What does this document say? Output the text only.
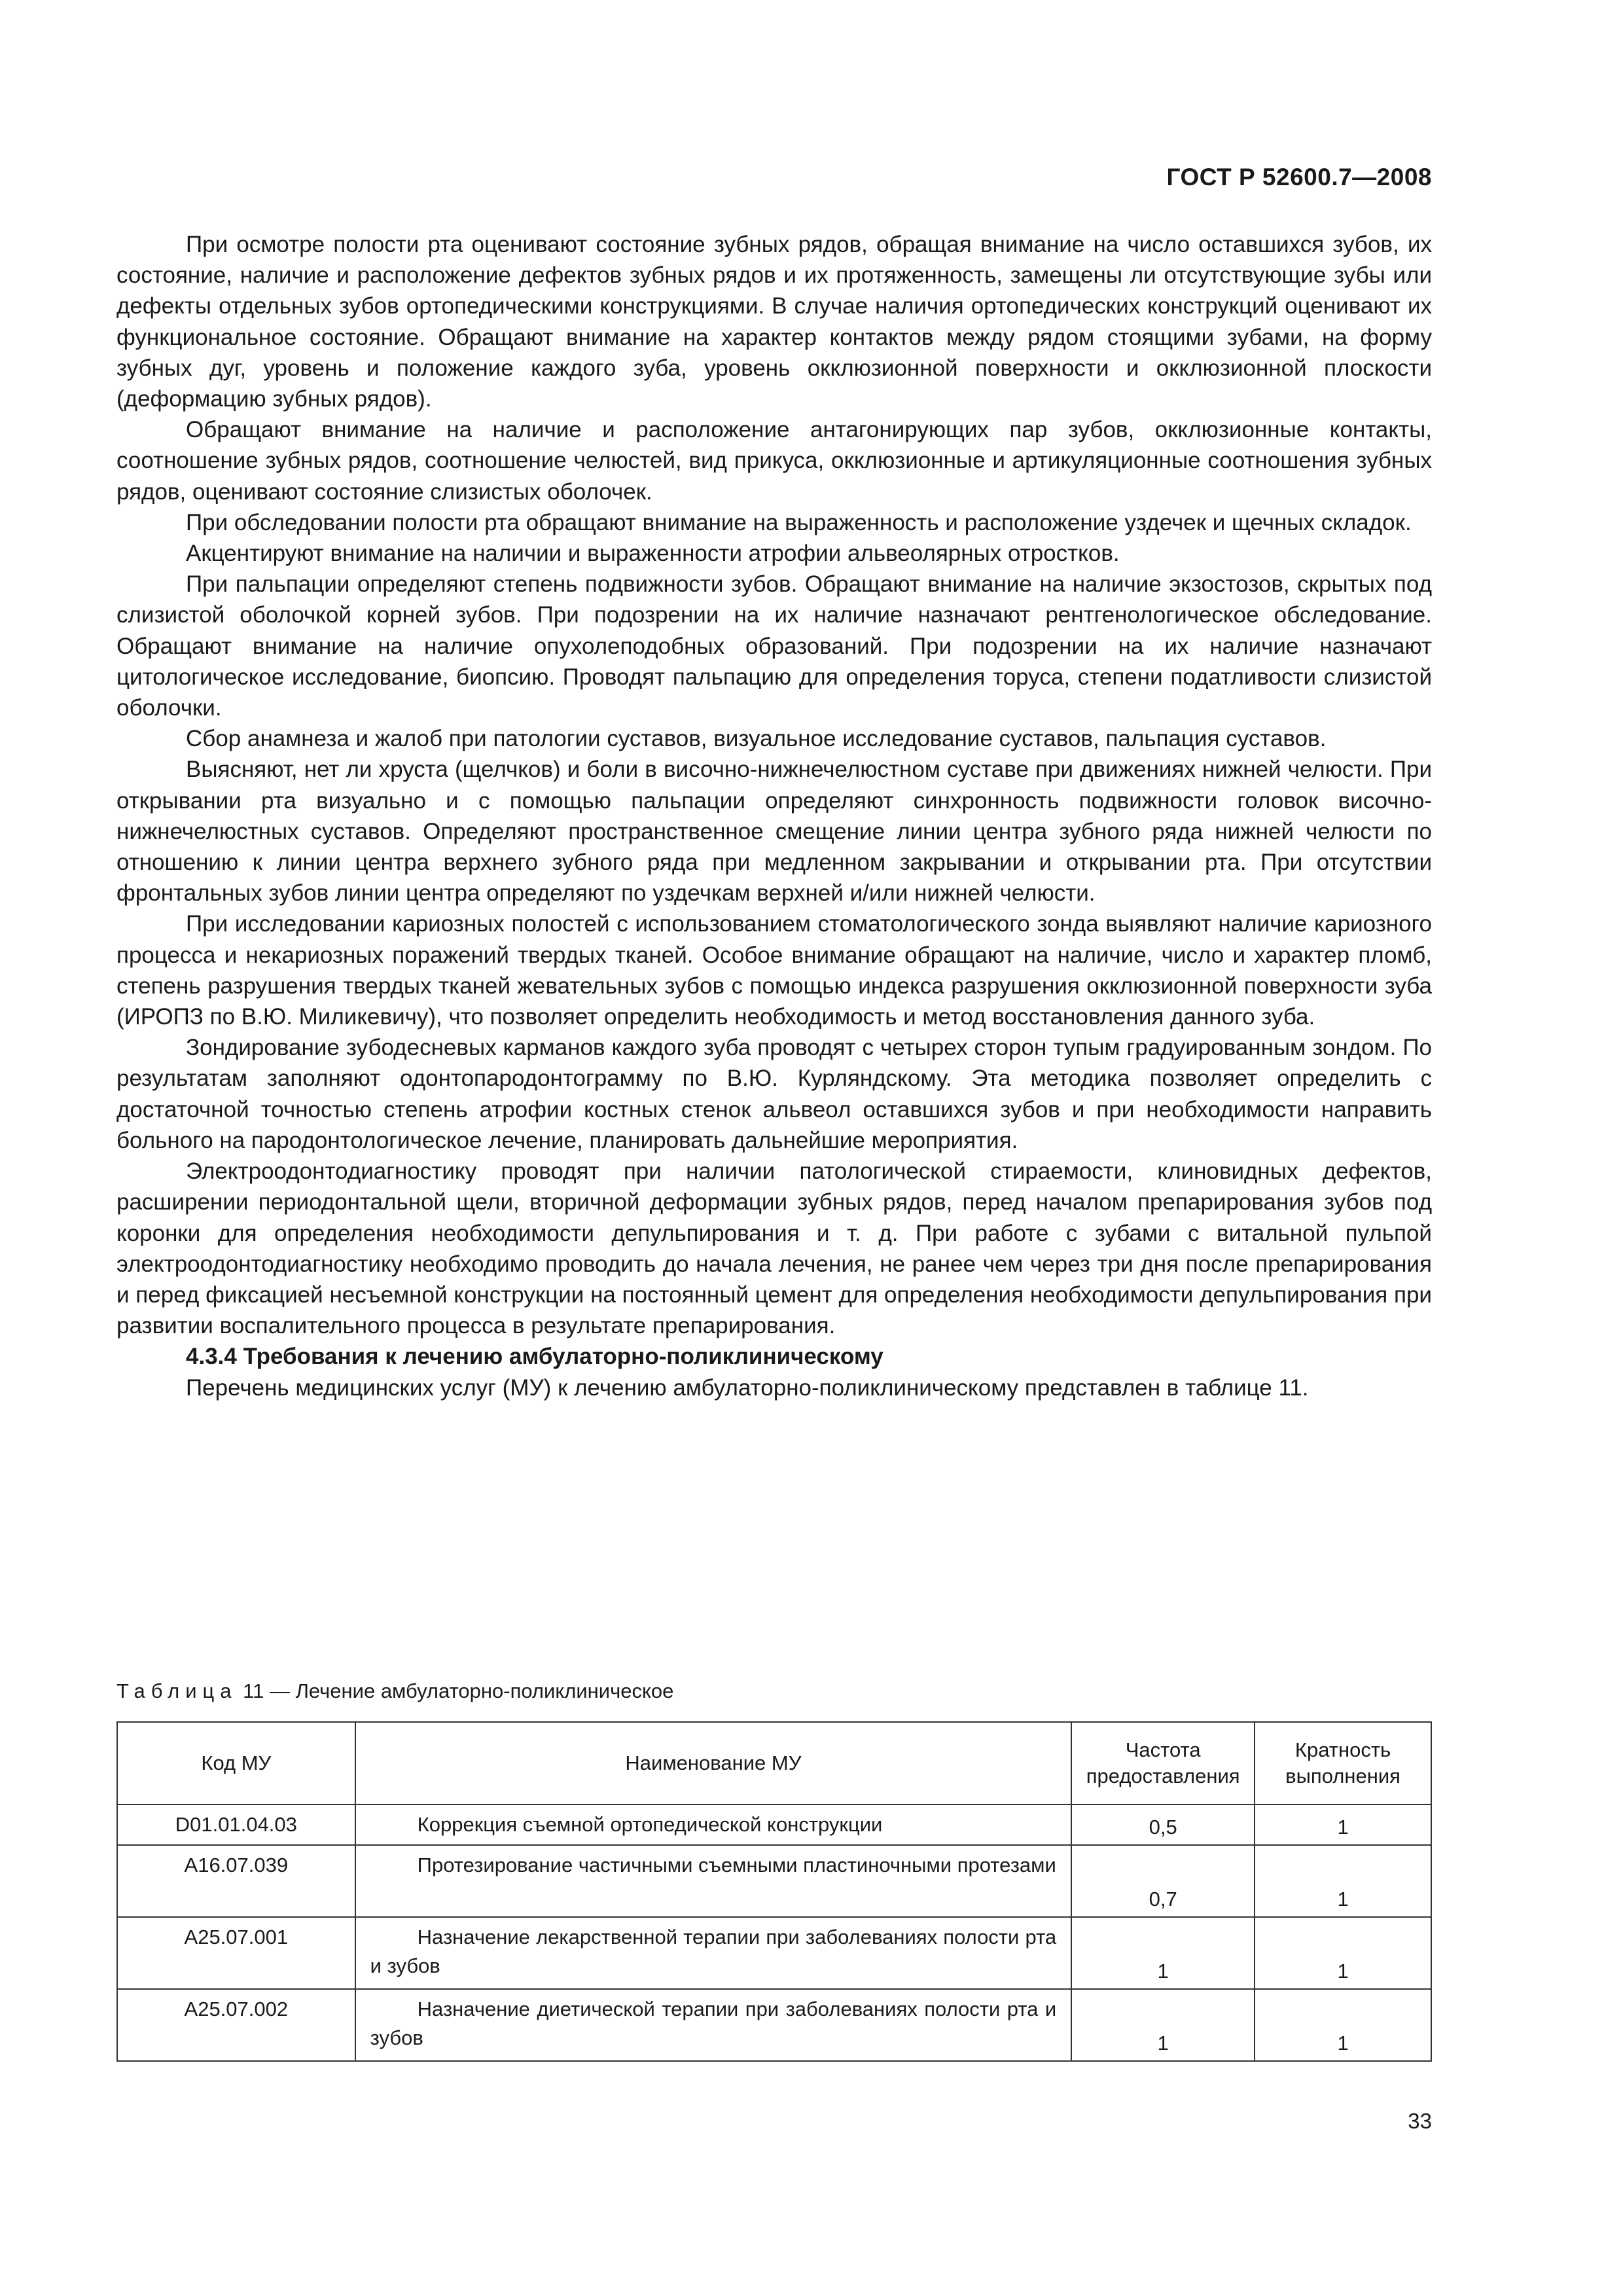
ГОСТ Р 52600.7—2008

При осмотре полости рта оценивают состояние зубных рядов, обращая внимание на число оставшихся зубов, их состояние, наличие и расположение дефектов зубных рядов и их протяженность, замещены ли отсутствующие зубы или дефекты отдельных зубов ортопедическими конструкциями. В случае наличия ортопедических конструкций оценивают их функциональное состояние. Обращают внимание на характер контактов между рядом стоящими зубами, на форму зубных дуг, уровень и положение каждого зуба, уровень окклюзионной поверхности и окклюзионной плоскости (деформацию зубных рядов).

Обращают внимание на наличие и расположение антагонирующих пар зубов, окклюзионные контакты, соотношение зубных рядов, соотношение челюстей, вид прикуса, окклюзионные и артикуляционные соотношения зубных рядов, оценивают состояние слизистых оболочек.

При обследовании полости рта обращают внимание на выраженность и расположение уздечек и щечных складок.

Акцентируют внимание на наличии и выраженности атрофии альвеолярных отростков.

При пальпации определяют степень подвижности зубов. Обращают внимание на наличие экзостозов, скрытых под слизистой оболочкой корней зубов. При подозрении на их наличие назначают рентгенологическое обследование. Обращают внимание на наличие опухолеподобных образований. При подозрении на их наличие назначают цитологическое исследование, биопсию. Проводят пальпацию для определения торуса, степени податливости слизистой оболочки.

Сбор анамнеза и жалоб при патологии суставов, визуальное исследование суставов, пальпация суставов.

Выясняют, нет ли хруста (щелчков) и боли в височно-нижнечелюстном суставе при движениях нижней челюсти. При открывании рта визуально и с помощью пальпации определяют синхронность подвижности головок височно-нижнечелюстных суставов. Определяют пространственное смещение линии центра зубного ряда нижней челюсти по отношению к линии центра верхнего зубного ряда при медленном закрывании и открывании рта. При отсутствии фронтальных зубов линии центра определяют по уздечкам верхней и/или нижней челюсти.

При исследовании кариозных полостей с использованием стоматологического зонда выявляют наличие кариозного процесса и некариозных поражений твердых тканей. Особое внимание обращают на наличие, число и характер пломб, степень разрушения твердых тканей жевательных зубов с помощью индекса разрушения окклюзионной поверхности зуба (ИРОПЗ по В.Ю. Миликевичу), что позволяет определить необходимость и метод восстановления данного зуба.

Зондирование зубодесневых карманов каждого зуба проводят с четырех сторон тупым градуированным зондом. По результатам заполняют одонтопародонтограмму по В.Ю. Курляндскому. Эта методика позволяет определить с достаточной точностью степень атрофии костных стенок альвеол оставшихся зубов и при необходимости направить больного на пародонтологическое лечение, планировать дальнейшие мероприятия.

Электроодонтодиагностику проводят при наличии патологической стираемости, клиновидных дефектов, расширении периодонтальной щели, вторичной деформации зубных рядов, перед началом препарирования зубов под коронки для определения необходимости депульпирования и т. д. При работе с зубами с витальной пульпой электроодонтодиагностику необходимо проводить до начала лечения, не ранее чем через три дня после препарирования и перед фиксацией несъемной конструкции на постоянный цемент для определения необходимости депульпирования при развитии воспалительного процесса в результате препарирования.

4.3.4 Требования к лечению амбулаторно-поликлиническому

Перечень медицинских услуг (МУ) к лечению амбулаторно-поликлиническому представлен в таблице 11.

Таблица 11 — Лечение амбулаторно-поликлиническое
Код МУ	Наименование МУ	Частота предоставления	Кратность выполнения
D01.01.04.03	Коррекция съемной ортопедической конструкции	0,5	1
A16.07.039	Протезирование частичными съемными пластиночными протезами	0,7	1
A25.07.001	Назначение лекарственной терапии при заболеваниях полости рта и зубов	1	1
A25.07.002	Назначение диетической терапии при заболеваниях полости рта и зубов	1	1
33
